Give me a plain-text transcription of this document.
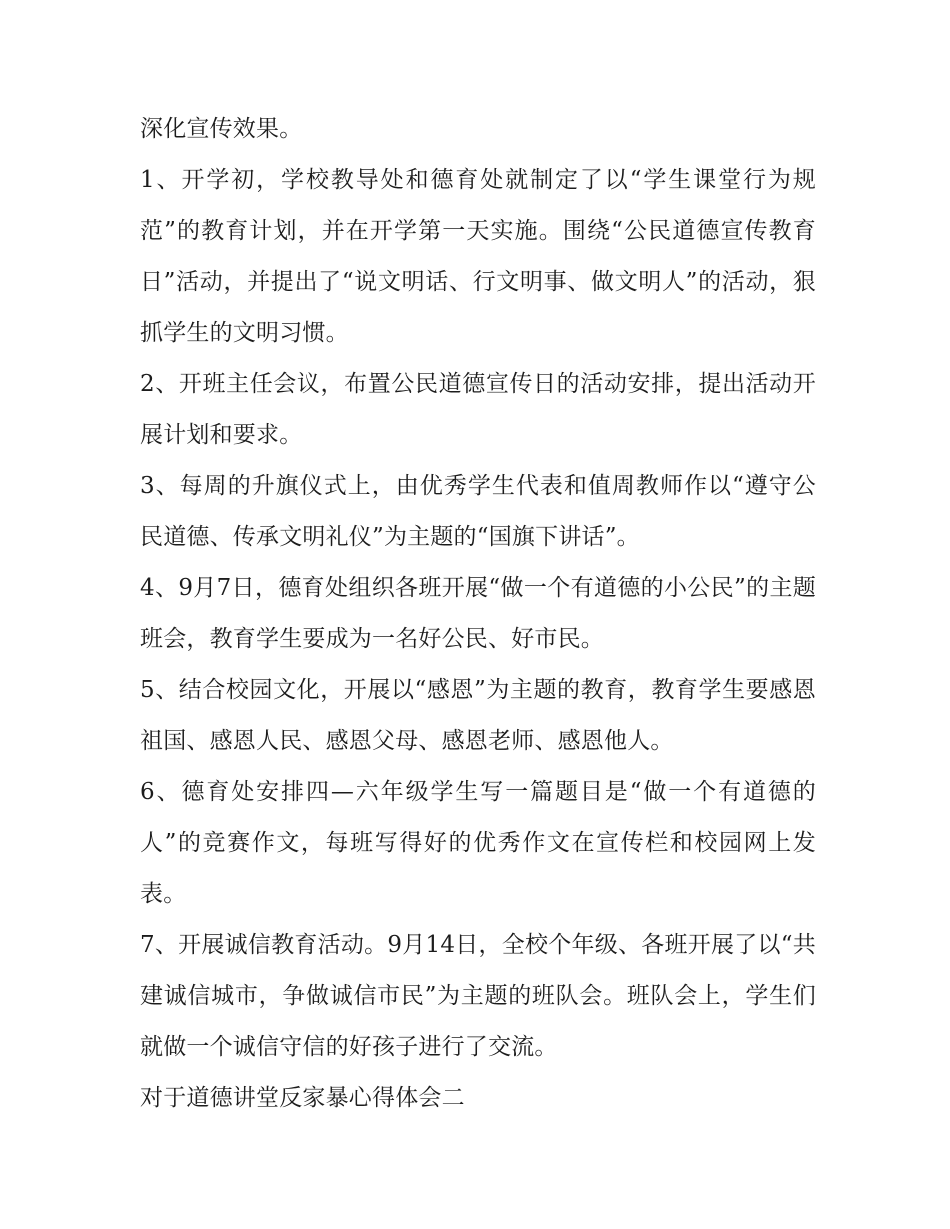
深化宣传效果。

1、开学初，学校教导处和德育处就制定了以“学生课堂行为规范”的教育计划，并在开学第一天实施。围绕“公民道德宣传教育日”活动，并提出了“说文明话、行文明事、做文明人”的活动，狠抓学生的文明习惯。

2、开班主任会议，布置公民道德宣传日的活动安排，提出活动开展计划和要求。

3、每周的升旗仪式上，由优秀学生代表和值周教师作以“遵守公民道德、传承文明礼仪”为主题的“国旗下讲话”。

4、9月7日，德育处组织各班开展“做一个有道德的小公民”的主题班会，教育学生要成为一名好公民、好市民。

5、结合校园文化，开展以“感恩”为主题的教育，教育学生要感恩祖国、感恩人民、感恩父母、感恩老师、感恩他人。

6、德育处安排四—六年级学生写一篇题目是“做一个有道德的人”的竞赛作文，每班写得好的优秀作文在宣传栏和校园网上发表。

7、开展诚信教育活动。9月14日，全校个年级、各班开展了以“共建诚信城市，争做诚信市民”为主题的班队会。班队会上，学生们就做一个诚信守信的好孩子进行了交流。

对于道德讲堂反家暴心得体会二
